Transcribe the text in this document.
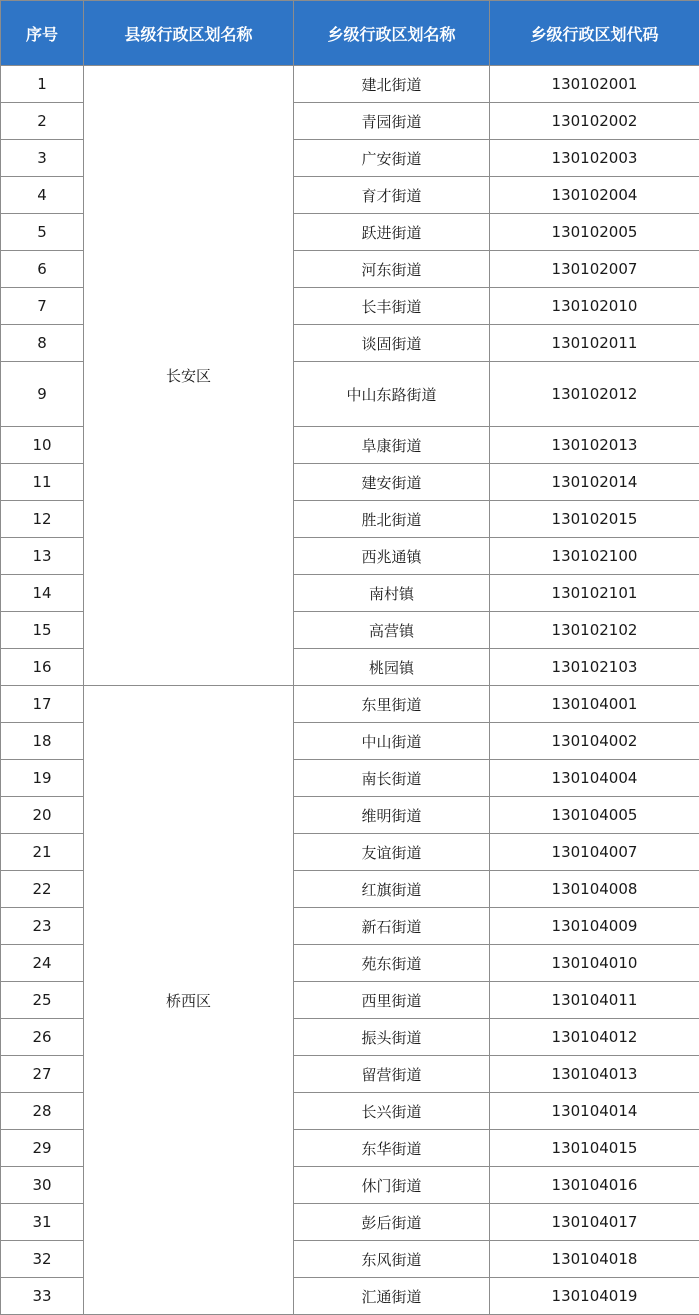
序号	县级行政区划名称	乡级行政区划名称	乡级行政区划代码
1	长安区	建北街道	130102001
2		青园街道	130102002
3		广安街道	130102003
4		育才街道	130102004
5		跃进街道	130102005
6		河东街道	130102007
7		长丰街道	130102010
8		谈固街道	130102011
9		中山东路街道	130102012
10		阜康街道	130102013
11		建安街道	130102014
12		胜北街道	130102015
13		西兆通镇	130102100
14		南村镇	130102101
15		高营镇	130102102
16		桃园镇	130102103
17	桥西区	东里街道	130104001
18		中山街道	130104002
19		南长街道	130104004
20		维明街道	130104005
21		友谊街道	130104007
22		红旗街道	130104008
23		新石街道	130104009
24		苑东街道	130104010
25		西里街道	130104011
26		振头街道	130104012
27		留营街道	130104013
28		长兴街道	130104014
29		东华街道	130104015
30		休门街道	130104016
31		彭后街道	130104017
32		东风街道	130104018
33		汇通街道	130104019
